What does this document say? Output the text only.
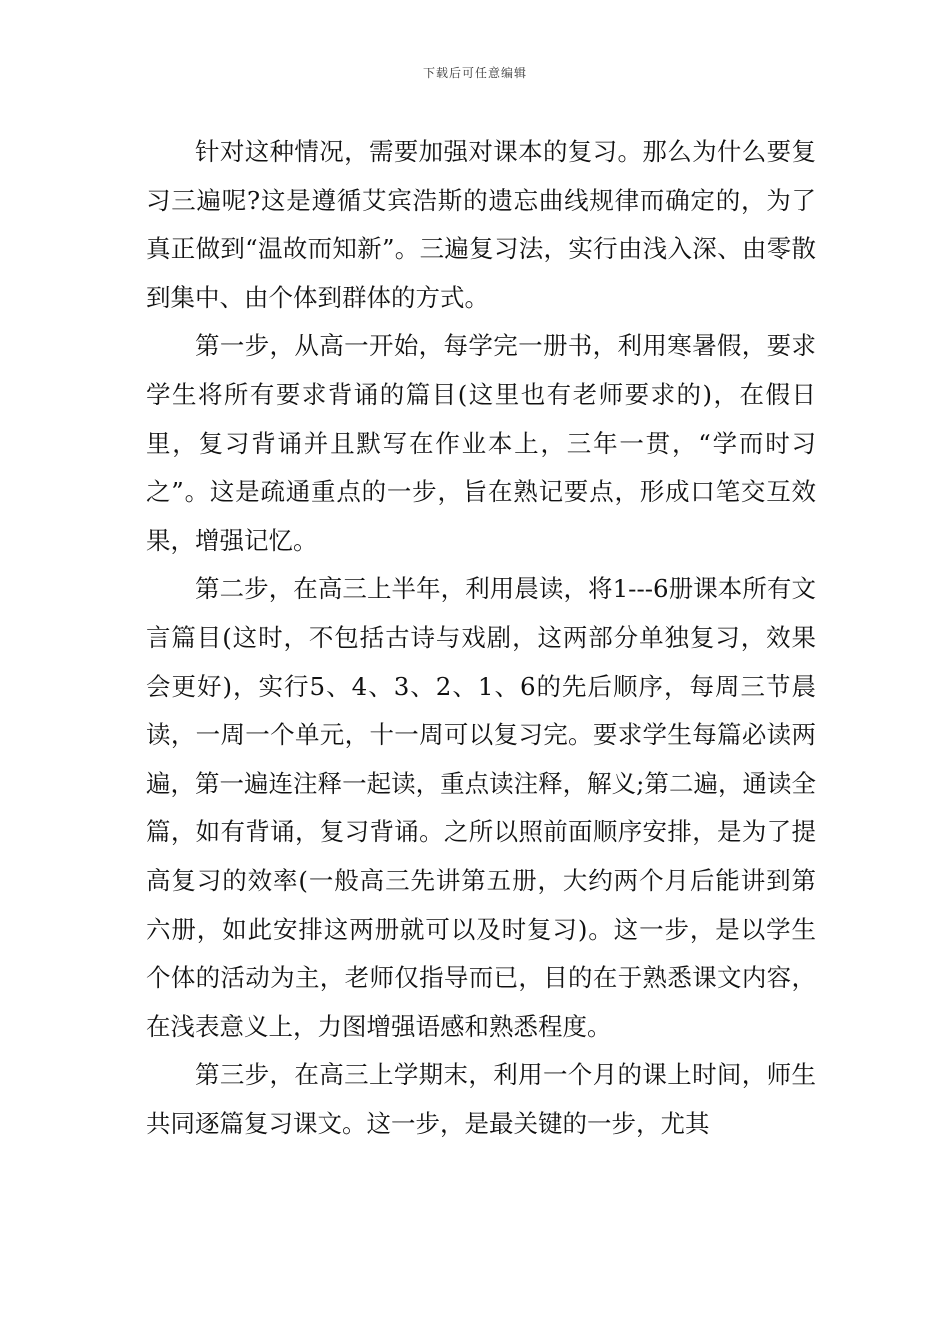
下载后可任意编辑

针对这种情况，需要加强对课本的复习。那么为什么要复习三遍呢?这是遵循艾宾浩斯的遗忘曲线规律而确定的，为了真正做到“温故而知新”。三遍复习法，实行由浅入深、由零散到集中、由个体到群体的方式。

第一步，从高一开始，每学完一册书，利用寒暑假，要求学生将所有要求背诵的篇目(这里也有老师要求的)，在假日里，复习背诵并且默写在作业本上，三年一贯，“学而时习之”。这是疏通重点的一步，旨在熟记要点，形成口笔交互效果，增强记忆。

第二步，在高三上半年，利用晨读，将1---6册课本所有文言篇目(这时，不包括古诗与戏剧，这两部分单独复习，效果会更好)，实行5、4、3、2、1、6的先后顺序，每周三节晨读，一周一个单元，十一周可以复习完。要求学生每篇必读两遍，第一遍连注释一起读，重点读注释，解义;第二遍，通读全篇，如有背诵，复习背诵。之所以照前面顺序安排，是为了提高复习的效率(一般高三先讲第五册，大约两个月后能讲到第六册，如此安排这两册就可以及时复习)。这一步，是以学生个体的活动为主，老师仅指导而已，目的在于熟悉课文内容，在浅表意义上，力图增强语感和熟悉程度。

第三步，在高三上学期末，利用一个月的课上时间，师生共同逐篇复习课文。这一步，是最关键的一步，尤其
